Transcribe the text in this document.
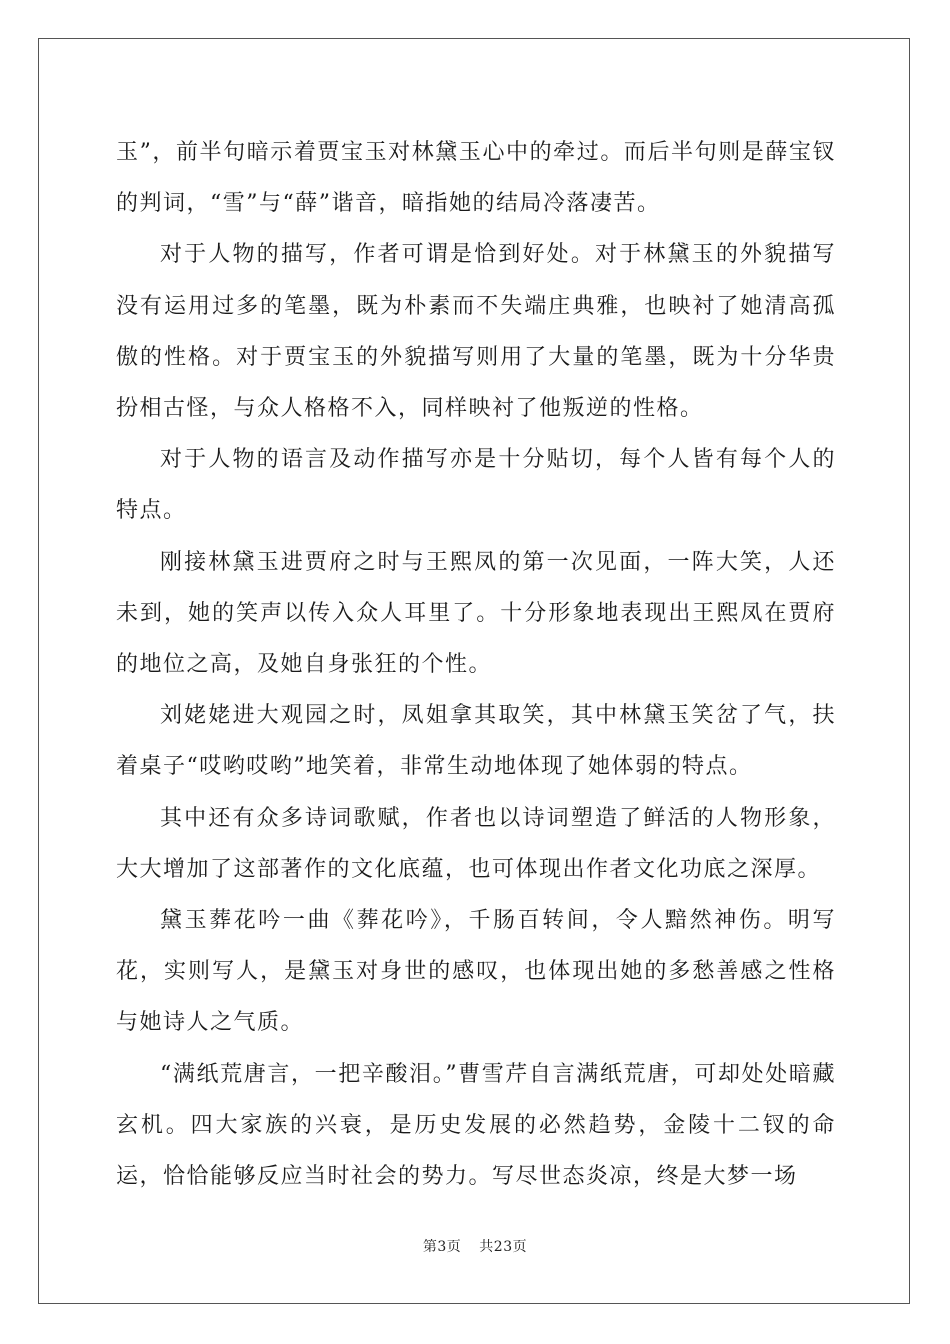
玉”，前半句暗示着贾宝玉对林黛玉心中的牵过。而后半句则是薛宝钗的判词，“雪”与“薛”谐音，暗指她的结局冷落凄苦。

对于人物的描写，作者可谓是恰到好处。对于林黛玉的外貌描写没有运用过多的笔墨，既为朴素而不失端庄典雅，也映衬了她清高孤傲的性格。对于贾宝玉的外貌描写则用了大量的笔墨，既为十分华贵扮相古怪，与众人格格不入，同样映衬了他叛逆的性格。

对于人物的语言及动作描写亦是十分贴切，每个人皆有每个人的特点。

刚接林黛玉进贾府之时与王熙凤的第一次见面，一阵大笑，人还未到，她的笑声以传入众人耳里了。十分形象地表现出王熙凤在贾府的地位之高，及她自身张狂的个性。

刘姥姥进大观园之时，凤姐拿其取笑，其中林黛玉笑岔了气，扶着桌子“哎哟哎哟”地笑着，非常生动地体现了她体弱的特点。

其中还有众多诗词歌赋，作者也以诗词塑造了鲜活的人物形象，大大增加了这部著作的文化底蕴，也可体现出作者文化功底之深厚。

黛玉葬花吟一曲《葬花吟》，千肠百转间，令人黯然神伤。明写花，实则写人，是黛玉对身世的感叹，也体现出她的多愁善感之性格与她诗人之气质。

“满纸荒唐言，一把辛酸泪。”曹雪芹自言满纸荒唐，可却处处暗藏玄机。四大家族的兴衰，是历史发展的必然趋势，金陵十二钗的命运，恰恰能够反应当时社会的势力。写尽世态炎凉，终是大梦一场

第3页 共23页
